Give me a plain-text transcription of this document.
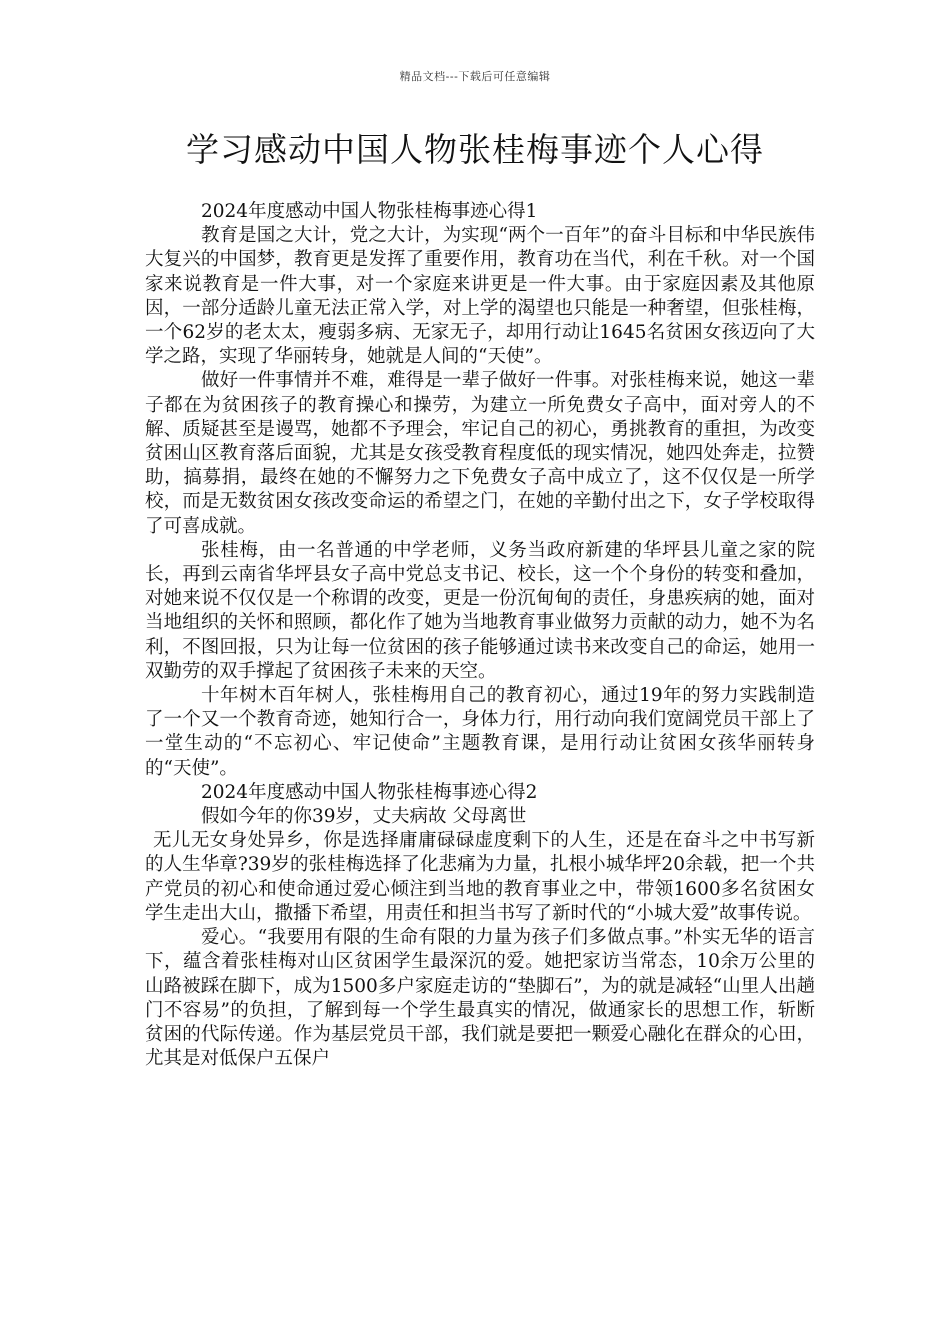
精品文档---下载后可任意编辑
学习感动中国人物张桂梅事迹个人心得

2024年度感动中国人物张桂梅事迹心得1

教育是国之大计，党之大计，为实现“两个一百年”的奋斗目标和中华民族伟大复兴的中国梦，教育更是发挥了重要作用，教育功在当代，利在千秋。对一个国家来说教育是一件大事，对一个家庭来讲更是一件大事。由于家庭因素及其他原因，一部分适龄儿童无法正常入学，对上学的渴望也只能是一种奢望，但张桂梅，一个62岁的老太太，瘦弱多病、无家无子，却用行动让1645名贫困女孩迈向了大学之路，实现了华丽转身，她就是人间的“天使”。

做好一件事情并不难，难得是一辈子做好一件事。对张桂梅来说，她这一辈子都在为贫困孩子的教育操心和操劳，为建立一所免费女子高中，面对旁人的不解、质疑甚至是谩骂，她都不予理会，牢记自己的初心，勇挑教育的重担，为改变贫困山区教育落后面貌，尤其是女孩受教育程度低的现实情况，她四处奔走，拉赞助，搞募捐，最终在她的不懈努力之下免费女子高中成立了，这不仅仅是一所学校，而是无数贫困女孩改变命运的希望之门，在她的辛勤付出之下，女子学校取得了可喜成就。

张桂梅，由一名普通的中学老师，义务当政府新建的华坪县儿童之家的院长，再到云南省华坪县女子高中党总支书记、校长，这一个个身份的转变和叠加，对她来说不仅仅是一个称谓的改变，更是一份沉甸甸的责任，身患疾病的她，面对当地组织的关怀和照顾，都化作了她为当地教育事业做努力贡献的动力，她不为名利，不图回报，只为让每一位贫困的孩子能够通过读书来改变自己的命运，她用一双勤劳的双手撑起了贫困孩子未来的天空。

十年树木百年树人，张桂梅用自己的教育初心，通过19年的努力实践制造了一个又一个教育奇迹，她知行合一，身体力行，用行动向我们宽阔党员干部上了一堂生动的“不忘初心、牢记使命”主题教育课，是用行动让贫困女孩华丽转身的“天使”。

2024年度感动中国人物张桂梅事迹心得2

假如今年的你39岁，丈夫病故 父母离世

无儿无女身处异乡，你是选择庸庸碌碌虚度剩下的人生，还是在奋斗之中书写新的人生华章?39岁的张桂梅选择了化悲痛为力量，扎根小城华坪20余载，把一个共产党员的初心和使命通过爱心倾注到当地的教育事业之中，带领1600多名贫困女学生走出大山，撒播下希望，用责任和担当书写了新时代的“小城大爱”故事传说。

爱心。“我要用有限的生命有限的力量为孩子们多做点事。”朴实无华的语言下，蕴含着张桂梅对山区贫困学生最深沉的爱。她把家访当常态，10余万公里的山路被踩在脚下，成为1500多户家庭走访的“垫脚石”，为的就是减轻“山里人出趟门不容易”的负担，了解到每一个学生最真实的情况，做通家长的思想工作，斩断贫困的代际传递。作为基层党员干部，我们就是要把一颗爱心融化在群众的心田，尤其是对低保户五保户
